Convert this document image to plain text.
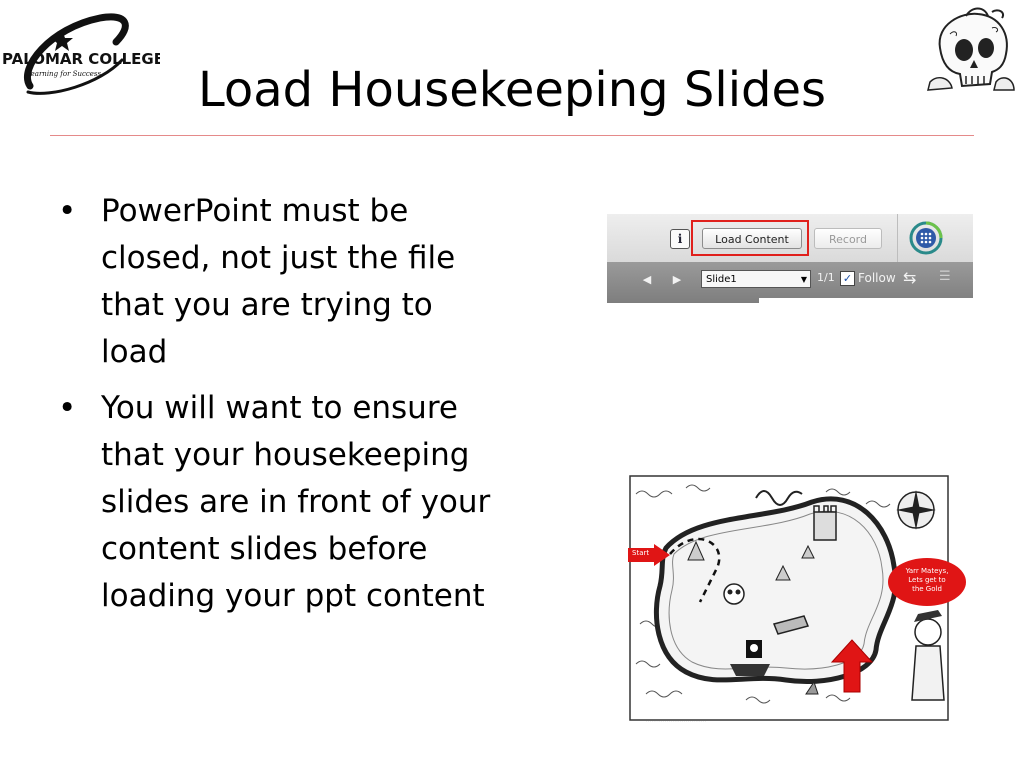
PALOMAR COLLEGE
Learning for Success	Load Housekeeping Slides
• PowerPoint must be closed, not just the file that you are trying to load
• You will want to ensure that your housekeeping slides are in front of your content slides before loading your ppt content
i	Load Content	Record
◀	▶	Slide1	▼ 1/1 ✓ Follow ⇆ ☰
· · · · · · · · · · · · · · · · · · · · · · · · · · · · · · · ·
Start
Yarr Mateys,
Lets get to
the Gold
